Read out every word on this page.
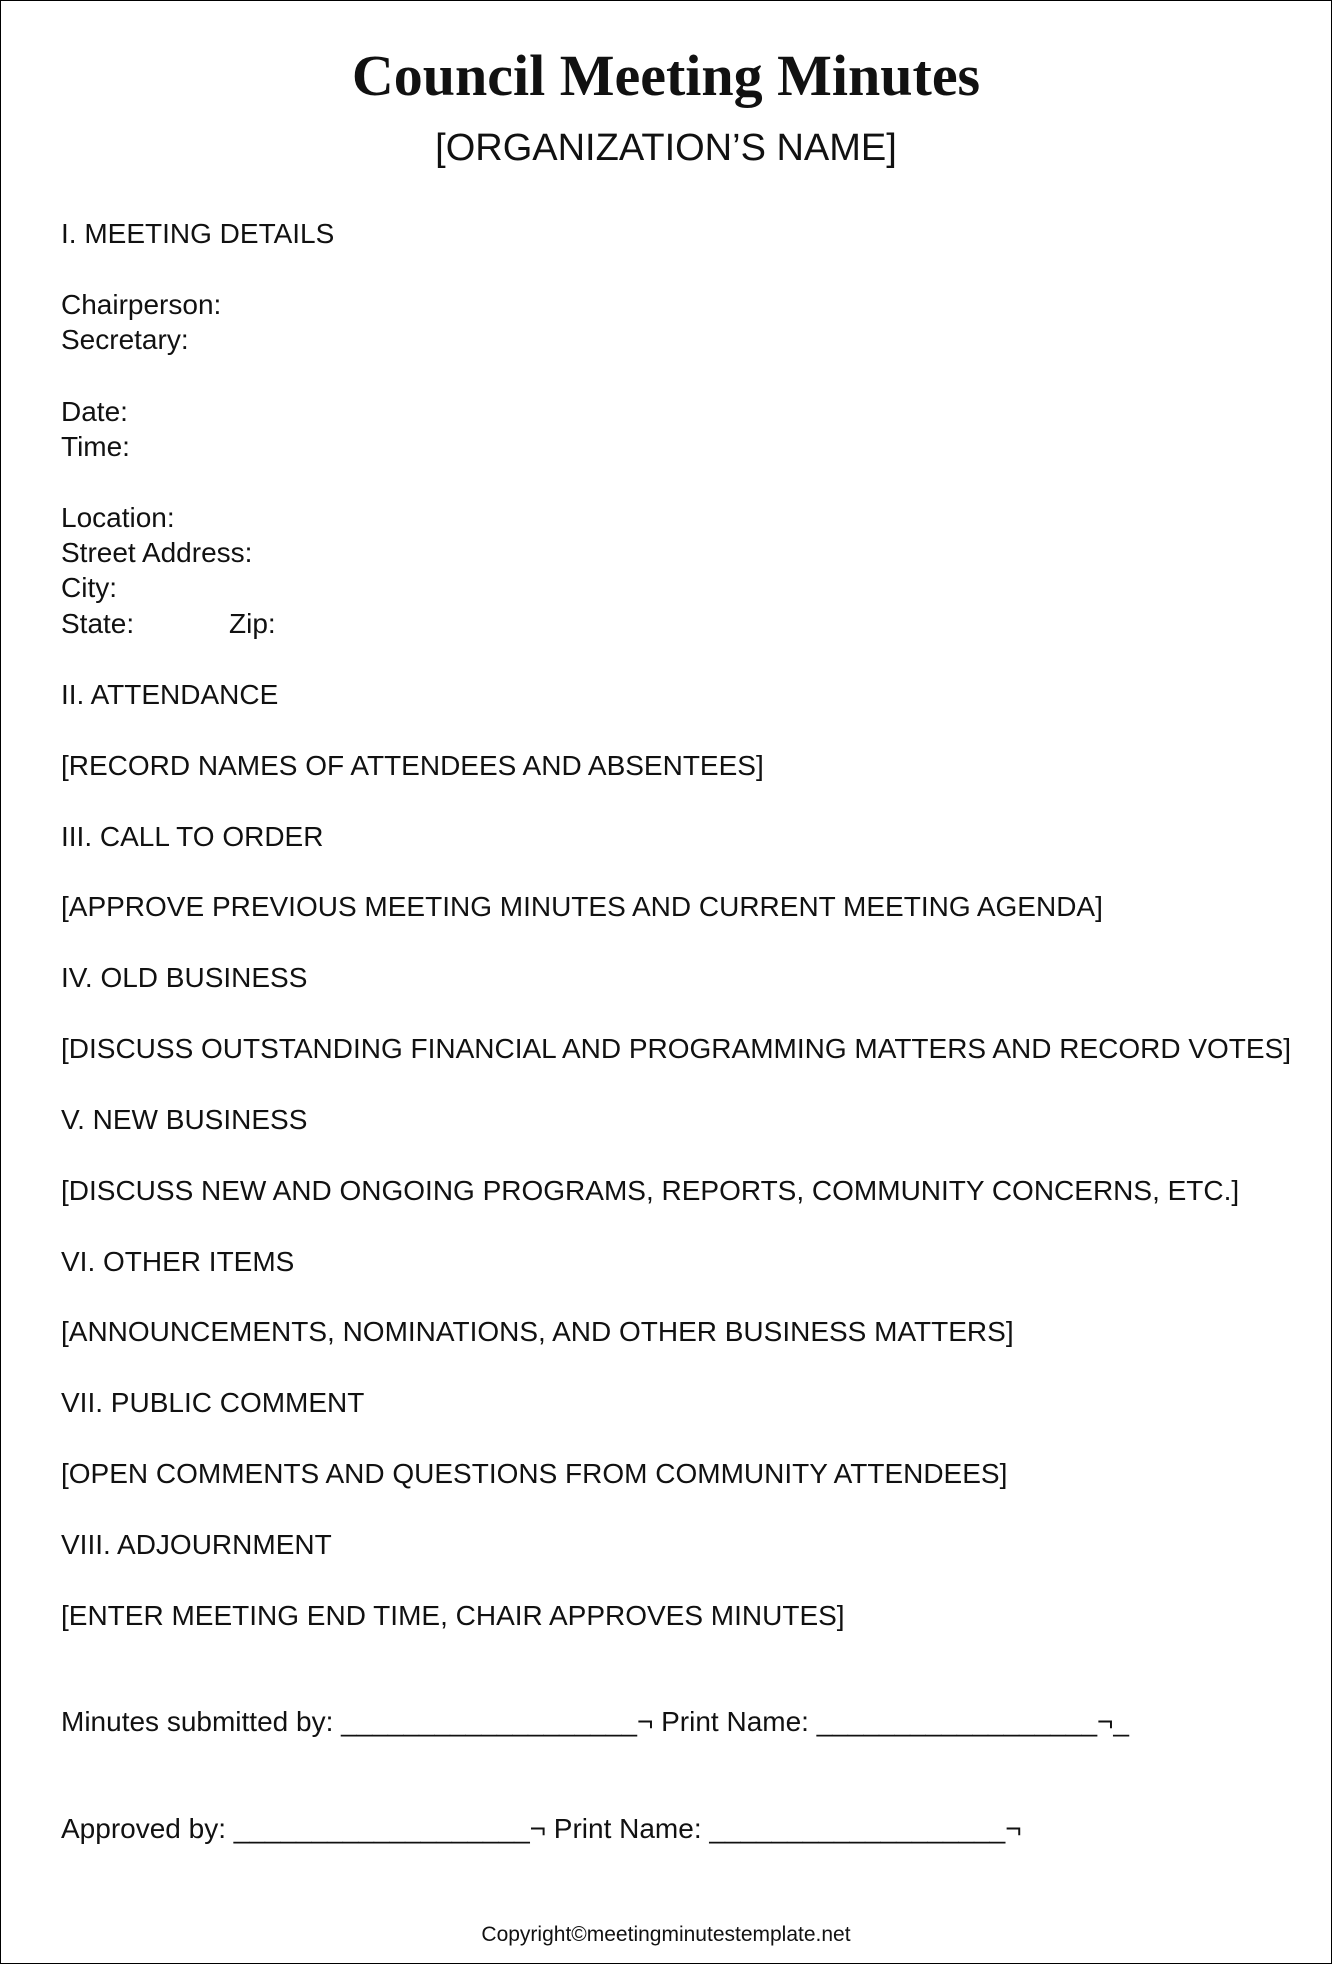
Council Meeting Minutes
[ORGANIZATION’S NAME]
I. MEETING DETAILS
Chairperson:
Secretary:
Date:
Time:
Location:
Street Address:
City:
State:	Zip:
II. ATTENDANCE
[RECORD NAMES OF ATTENDEES AND ABSENTEES]
III. CALL TO ORDER
[APPROVE PREVIOUS MEETING MINUTES AND CURRENT MEETING AGENDA]
IV. OLD BUSINESS
[DISCUSS OUTSTANDING FINANCIAL AND PROGRAMMING MATTERS AND RECORD VOTES]
V. NEW BUSINESS
[DISCUSS NEW AND ONGOING PROGRAMS, REPORTS, COMMUNITY CONCERNS, ETC.]
VI. OTHER ITEMS
[ANNOUNCEMENTS, NOMINATIONS, AND OTHER BUSINESS MATTERS]
VII. PUBLIC COMMENT
[OPEN COMMENTS AND QUESTIONS FROM COMMUNITY ATTENDEES]
VIII. ADJOURNMENT
[ENTER MEETING END TIME, CHAIR APPROVES MINUTES]
Minutes submitted by: ___________________¬ Print Name: __________________¬_
Approved by: ___________________¬ Print Name: ___________________¬
Copyright©meetingminutestemplate.net
